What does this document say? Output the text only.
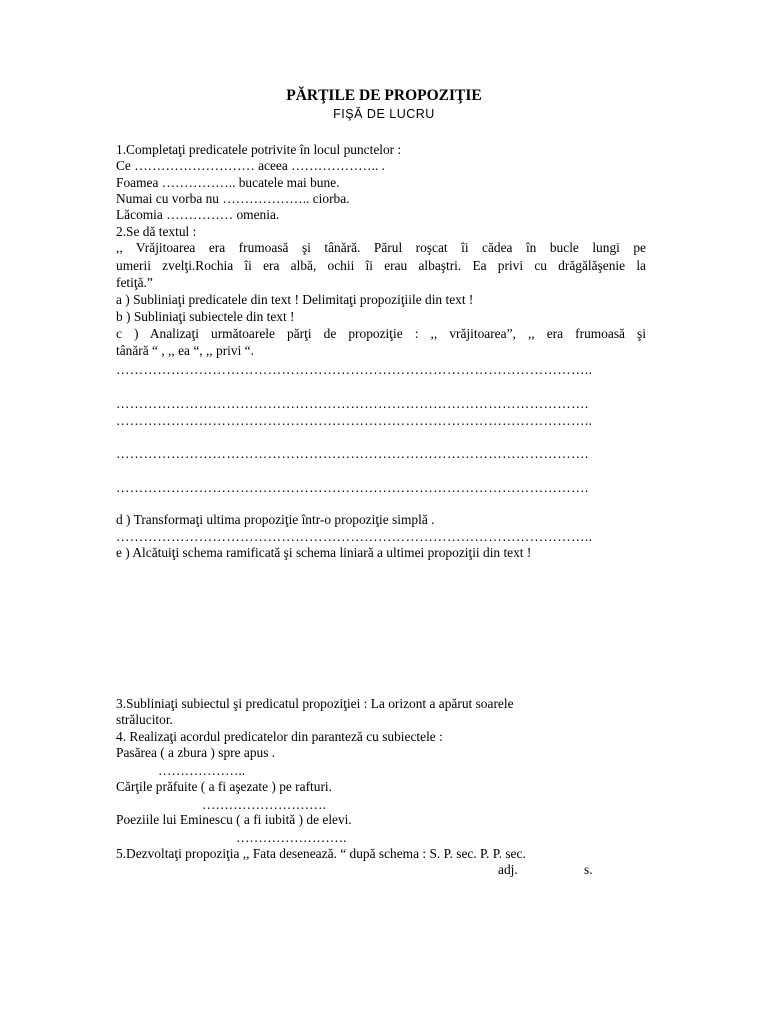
PĂRŢILE DE PROPOZIŢIE
FIŞĂ DE LUCRU
1.Completaţi predicatele potrivite în locul punctelor :
Ce ……………………… aceea ……………….. .
Foamea …………….. bucatele mai bune.
Numai cu vorba nu ……………….. ciorba.
Lăcomia …………… omenia.
2.Se dă textul :
,, Vrăjitoarea era frumoasă şi tânără. Părul roşcat îi cădea în bucle lungi pe
umerii zvelţi.Rochia îi era albă, ochii îi erau albaştri. Ea privi cu drăgălăşenie la
fetiţă.”
a ) Subliniaţi predicatele din text ! Delimitaţi propoziţiile din text !
b ) Subliniaţi subiectele din text !
c ) Analizaţi următoarele părţi de propoziţie : ,, vrăjitoarea”, ,, era frumoasă şi
tânără “ , ,, ea “, ,, privi “.
…………………………………………………………………………………………..
………………………………………………………………………………………….
…………………………………………………………………………………………..
………………………………………………………………………………………….
………………………………………………………………………………………….
d ) Transformaţi ultima propoziţie într-o propoziţie simplă .
…………………………………………………………………………………………..
e ) Alcătuiţi schema ramificată şi schema liniară a ultimei propoziţii din text !
3.Subliniaţi subiectul şi predicatul propoziţiei : La orizont a apărut soarele
strălucitor.
4. Realizaţi acordul predicatelor din paranteză cu subiectele :
Pasărea ( a zbura ) spre apus .
………………..
Cărţile prăfuite ( a fi aşezate ) pe rafturi.
……………………….
Poeziile lui Eminescu ( a fi iubită ) de elevi.
…………………….
5.Dezvoltaţi propoziţia ,, Fata desenează. “ după schema : S. P. sec. P. P. sec.
adj.	s.
